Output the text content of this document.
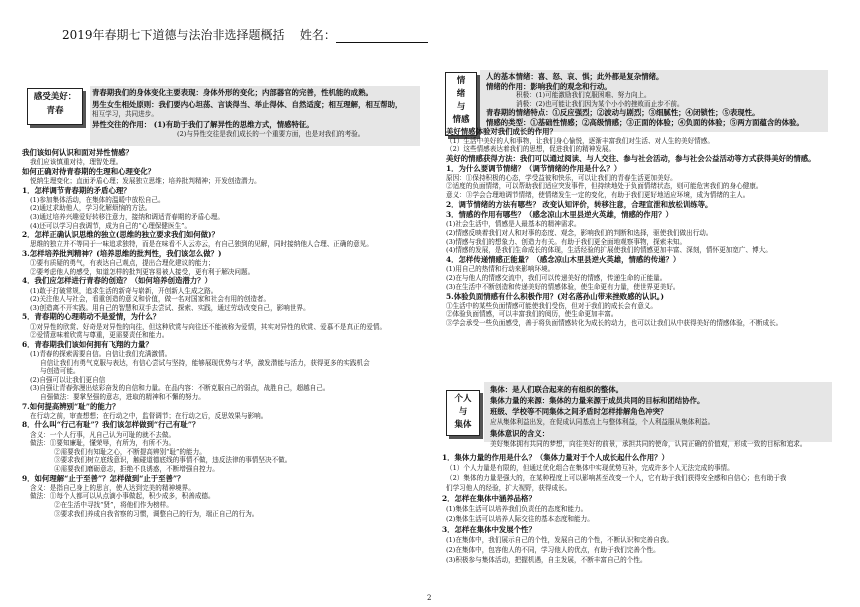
2019年春期七下道德与法治非选择题概括 姓名：
感受美好：
青春
青春期我们的身体变化主要表现：身体外形的变化；内部器官的完善，性机能的成熟。
男生女生相处原则：我们要内心坦荡、言谈得当、举止得体、自然适度；相互理解，相互帮助，
相互学习，共同进步。
异性交往的作用： (1)有助于我们了解异性的思维方式，情感特征。
(2)与异性交往是我们成长的一个重要方面，也是对我们的考验。
我们该如何认识和面对异性情感？
我们应该慎重对待，理智处理。
如何正确对待青春期的生理和心理变化？
悦纳生理变化；直面矛盾心理；发展独立思维；培养批判精神；开发创造潜力。
1．怎样调节青春期的矛盾心理？
(1)参加集体活动，在集体的温暖中放松自己。
(2)通过求助他人，学习化解烦恼的方法。
(3)通过培养兴趣爱好转移注意力，接纳和调适青春期的矛盾心理。
(4)还可以学习自我调节，成为自己的“心理保健医生”。
2．怎样正确认识思维的独立(思维的独立要求我们如何做)？
思维的独立并不等同于一味追求独特，而是在味看不人云亦云，有自己独到的见解，同时接纳他人合理、正确的意见。
3.怎样培养批判精神？(培养思维的批判性，我们该怎么做？)
①要有质疑的勇气，有表达自己观点，提出合理化建议的能力；
②要考虑他人的感受，知道怎样的批判更容易被人接受，更有利于解决问题。
4．我们应怎样进行青春的创造？（如何培养创造潜力？）
(1)敢于打破常规，追求生活的新奇与崭新，开创新人生成之路。
(2)关注他人与社会，看重创造的意义和价值，做一名对国家和社会有用的创造者。
(3)创造离不开实践。用自己的智慧和双手去尝试、探索、实践，通过劳动改变自己，影响世界。
5．青春期的心理萌动不是爱情，为什么？
①对异性的欣赏、好奇是对异性的向往，但这种欣赏与向往还不能被称为爱情，其实对异性的欣赏、爱慕不是真正的爱情。
②爱情意味着欣赏与尊重，更需要责任和能力。
6．青春期我们该如何拥有飞翔的力量？
(1)青春的探索需要自信。自信让我们充满激情。
自信让我们有勇气克服与表达，有信心尝试与坚持，能够展现优势与才华，激发潜能与活力，获得更多的实践机会
与创造可能。
(2)自强可以让我们更自信
(3)自强让青春弥漫出炫彩奋发的自信和力量。在品内容：不断克服自己的弱点，战胜自己，超越自己。
自强做法：要掌坚强的意志，进取的精神和不懈的努力。
7.如何提高辨别“耻”的能力？
在行动之前，审查想想；在行动之中，监督调节；在行动之后，反思效果与影响。
8．什么叫“行己有耻”？我们该怎样做到“行己有耻”？
含义：一个人行事，凡自己认为可耻的就不去做。
做法：①要知廉耻，懂荣辱，有所为，有所不为。
②需要我们有知耻之心，不断提高辨别“耻”的能力。
③要求我们树立底线意识，触碰道德底线的事情不做，违反法律的事情坚决不做。
④需要我们磨砺意志，拒绝不良诱惑，不断增强自控力。
9．如何理解“止于至善”？怎样做到“止于至善”？
含义：是指自己身上的思言，使人达到完美的精神境界。
做法：①每个人都可以从点滴小事做起，积少成多，积善成德。
②在生活中寻找“贤”，将他们作为榜样。
③要求我们养成自我省察的习惯，调整自己的行为，端正自己的行为。
情
绪
与
情感
个人
与
集体
人的基本情绪：喜、怒、哀、惧；此外都是复杂情绪。
情绪的作用：影响我们的观念和行动。
积极：(1)可能激励我们克服困难、努力向上。
消极：(2)也可能让我们因为某个小小的挫败而止步不前。
青春期的情绪特点：①反应强烈；②波动与剧烈；③细腻性；④闭锁性；⑤表现性。
情感的类型：①基础性情感；②高级情感；③正面的体验；④负面的体验；⑤两方面蕴含的体验。
美好情感体验对我们成长的作用？
（1）生活中美好的人和事物，让我们身心愉悦，逐渐丰富我们对生活、对人生的美好情感。
（2）这些情感表达着我们的思想，促进我们的精神发展。
美好的情感获得方法：我们可以通过阅读、与人交往、参与社会活动，参与社会公益活动等方式获得美好的情感。
1．为什么要调节情绪？（调节情绪的作用是什么？）
原因：①保持积极的心态，学受益彼和快乐，可以让我们的青春生活更加美好。
②适度的负面情绪，可以帮助我们适应突发事件，但持续地处于负面情绪状态，则可能危害我们的身心健康。
意义：③学会合理地调节情绪，使情绪发生一定的变化，有助于我们更好地适应环境，成为情绪的主人。
2．调节情绪的方法有哪些？ 改变认知评价，转移注意，合理宣泄和放松训练等。
3．情感的作用有哪些？（感念凉山木里县逆火英雄，情感的作用？）
(1)社会生活中，情感是人最基本的精神需求。
(2)情感反映着我们对人和对事的态度、观念，影响我们的判断和选择，驱使我们做出行动。
(3)情感与我们的想象力、创造力有关。有助于我们更全面地观察事物，探索未知。
(4)情感的发展，是我们生命成长的体现，生活经验的扩展使我们的情感更加丰富、深刻，情怀更加宽广、博大。
4．怎样传递情感正能量？（感念凉山木里县逆火英雄，情感的传递？）
(1)用自己的热情和行动来影响环境。
(2)在与他人的情感交流中，我们可以传递美好的情感，传递生命的正能量。
(3)在生活中不断创造和传递美好的情感体验，使生命更有力量，使世界更美好。
5.体验负面情感有什么积极作用？(对名落孙山带来挫败感的认识。)
①生活中的某些负面情感可能使我们受伤，但对于我们的成长会有意义。
②体验负面情感，可以丰富我们的阅历，使生命更加丰富。
③学会承受一些负面感受，善于将负面情感转化为成长的动力，也可以让我们从中获得美好的情感体验，不断成长。
集体：是人们联合起来的有组织的整体。
集体力量的来源：集体的力量来源于成员共同的目标和团结协作。
班级、学校等不同集体之间矛盾时怎样排解角色冲突？
应从集体利益出发，在促成认同基点上与整体利益，个人利益服从集体利益。
集体意识的含义：
美好集体拥有共同的梦想，向往美好的前景，承担共同的使命，认同正确的价值观，形成一致的目标和追求。
1．集体力量的作用是什么？（集体力量对于个人成长起什么作用？）
（1）个人力量是有限的，但通过优化组合在集体中实现优势互补，完成许多个人无法完成的事情。
（2）集体的力量是强大的，在某种程度上可以影响甚至改变一个人，它有助于我们获得安全感和自信心；也有助于我
们学习他人的经验，扩大视野，获得成长。
2．怎样在集体中涵养品格？
(1)集体生活可以培养我们负责任的态度和能力。
(2)集体生活可以培养人际交往的基本态度和能力。
3．怎样在集体中发展个性？
(1)在集体中，我们展示自己的个性，发展自己的个性，不断认识和完善自我。
(2)在集体中，包容他人的不同，学习他人的优点，有助于我们完善个性。
(3)积极参与集体活动，把握机遇，自主发展，不断丰富自己的个性。
2
